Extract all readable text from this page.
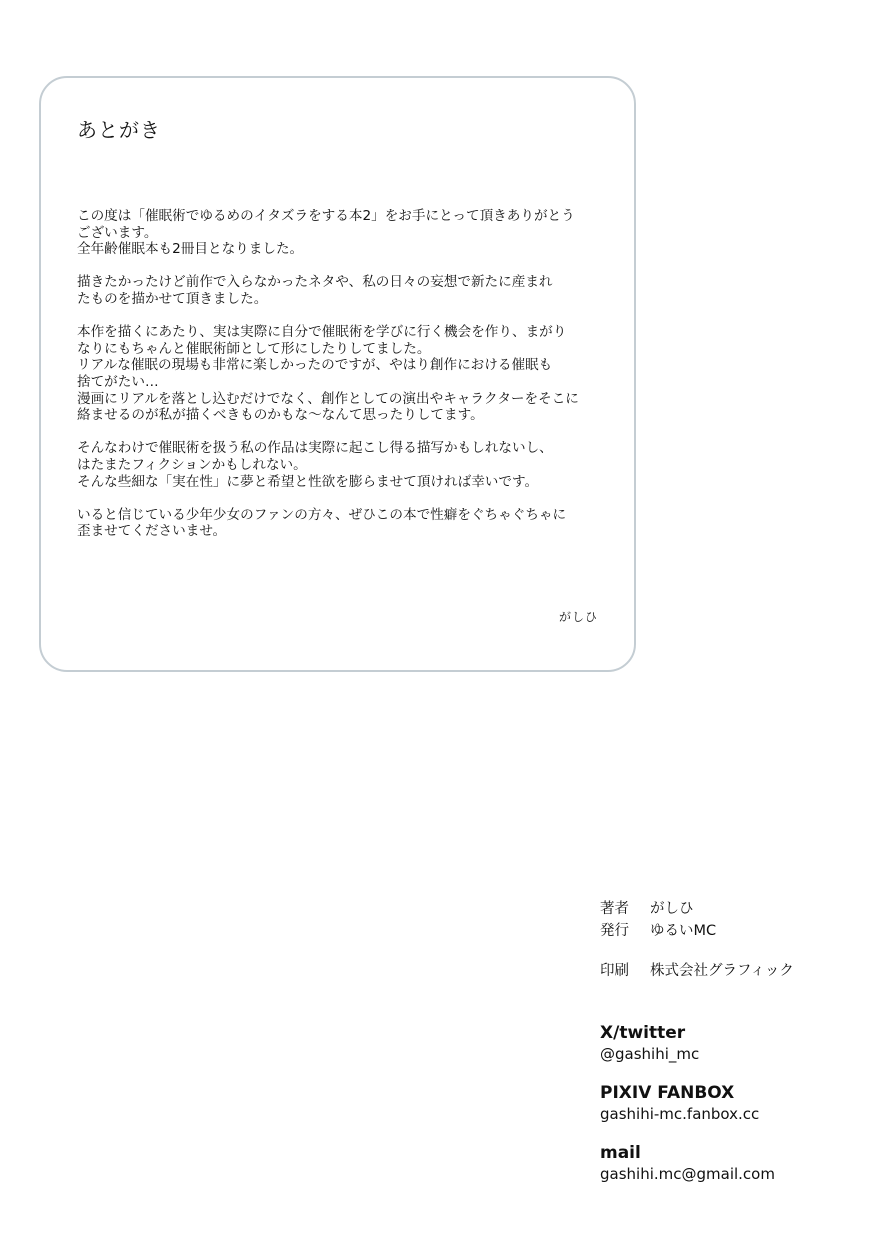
あとがき

この度は「催眠術でゆるめのイタズラをする本2」をお手にとって頂きありがとう
ございます。
全年齢催眠本も2冊目となりました。

描きたかったけど前作で入らなかったネタや、私の日々の妄想で新たに産まれ
たものを描かせて頂きました。

本作を描くにあたり、実は実際に自分で催眠術を学びに行く機会を作り、まがり
なりにもちゃんと催眠術師として形にしたりしてました。
リアルな催眠の現場も非常に楽しかったのですが、やはり創作における催眠も
捨てがたい…
漫画にリアルを落とし込むだけでなく、創作としての演出やキャラクターをそこに
絡ませるのが私が描くべきものかもな～なんて思ったりしてます。

そんなわけで催眠術を扱う私の作品は実際に起こし得る描写かもしれないし、
はたまたフィクションかもしれない。
そんな些細な「実在性」に夢と希望と性欲を膨らませて頂ければ幸いです。

いると信じている少年少女のファンの方々、ぜひこの本で性癖をぐちゃぐちゃに
歪ませてくださいませ。

がしひ
著者	がしひ
発行	ゆるいMC
印刷	株式会社グラフィック
X/twitter
@gashihi_mc
PIXIV FANBOX
gashihi-mc.fanbox.cc
mail
gashihi.mc@gmail.com
